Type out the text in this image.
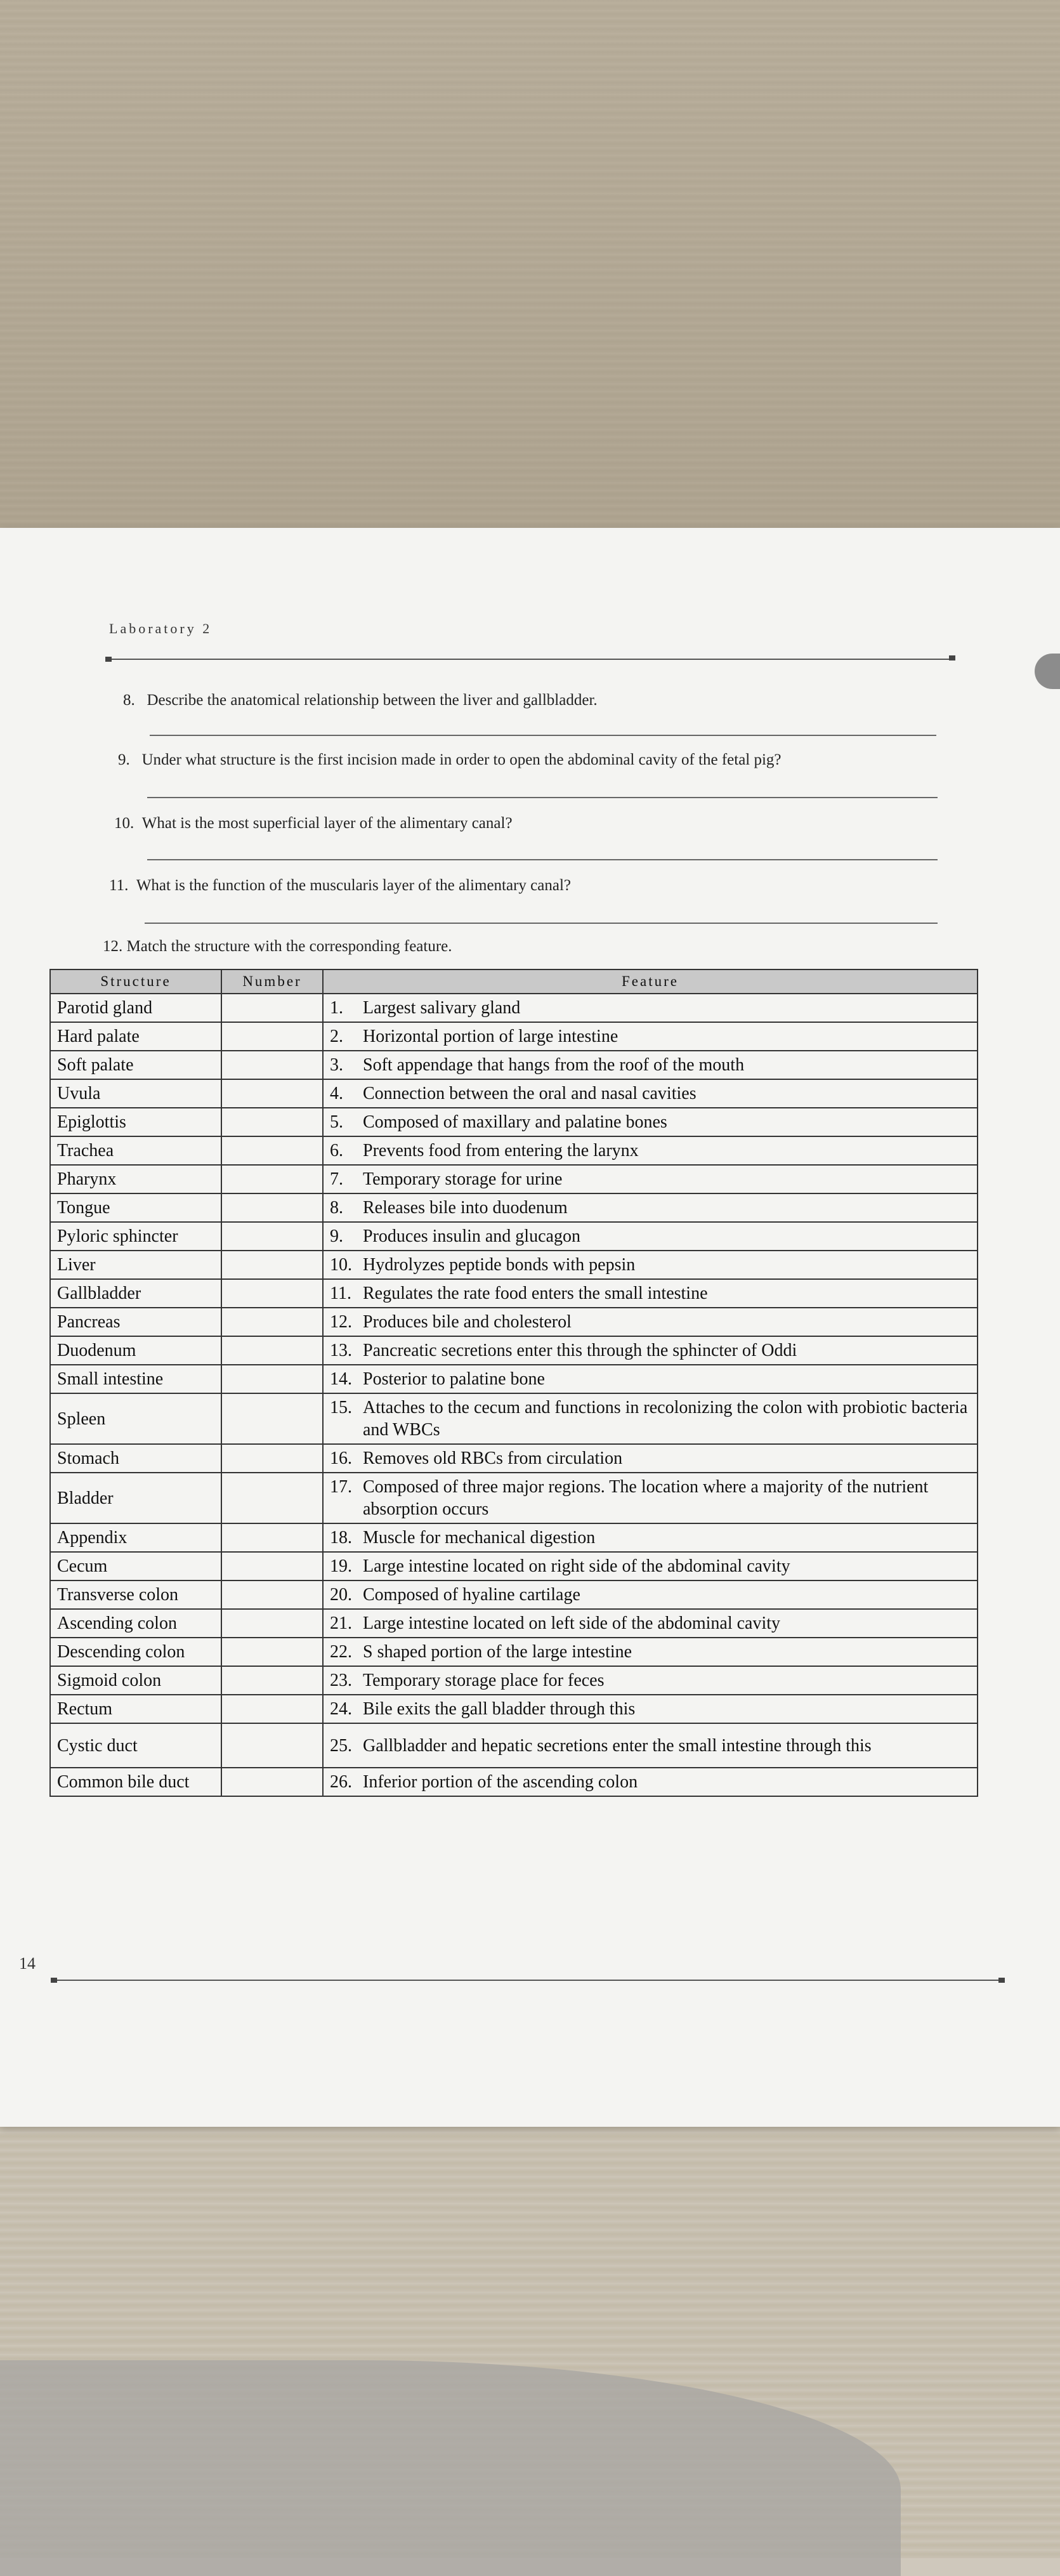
Laboratory 2
8. Describe the anatomical relationship between the liver and gallbladder.
9. Under what structure is the first incision made in order to open the abdominal cavity of the fetal pig?
10. What is the most superficial layer of the alimentary canal?
11. What is the function of the muscularis layer of the alimentary canal?
12. Match the structure with the corresponding feature.
Structure	Number	Feature
Parotid gland		1. Largest salivary gland

Hard palate		2. Horizontal portion of large intestine

Soft palate		3. Soft appendage that hangs from the roof of the mouth

Uvula		4. Connection between the oral and nasal cavities

Epiglottis		5. Composed of maxillary and palatine bones

Trachea		6. Prevents food from entering the larynx

Pharynx		7. Temporary storage for urine

Tongue		8. Releases bile into duodenum

Pyloric sphincter		9. Produces insulin and glucagon

Liver		10. Hydrolyzes peptide bonds with pepsin

Gallbladder		11. Regulates the rate food enters the small intestine

Pancreas		12. Produces bile and cholesterol

Duodenum		13. Pancreatic secretions enter this through the sphincter of Oddi

Small intestine		14. Posterior to palatine bone

Spleen		15. Attaches to the cecum and functions in recolonizing the colon with probiotic bacteria and WBCs

Stomach		16. Removes old RBCs from circulation

Bladder		17. Composed of three major regions. The location where a majority of the nutrient absorption occurs

Appendix		18. Muscle for mechanical digestion

Cecum		19. Large intestine located on right side of the abdominal cavity

Transverse colon		20. Composed of hyaline cartilage

Ascending colon		21. Large intestine located on left side of the abdominal cavity

Descending colon		22. S shaped portion of the large intestine

Sigmoid colon		23. Temporary storage place for feces

Rectum		24. Bile exits the gall bladder through this

Cystic duct		25. Gallbladder and hepatic secretions enter the small intestine through this

Common bile duct		26. Inferior portion of the ascending colon
14
